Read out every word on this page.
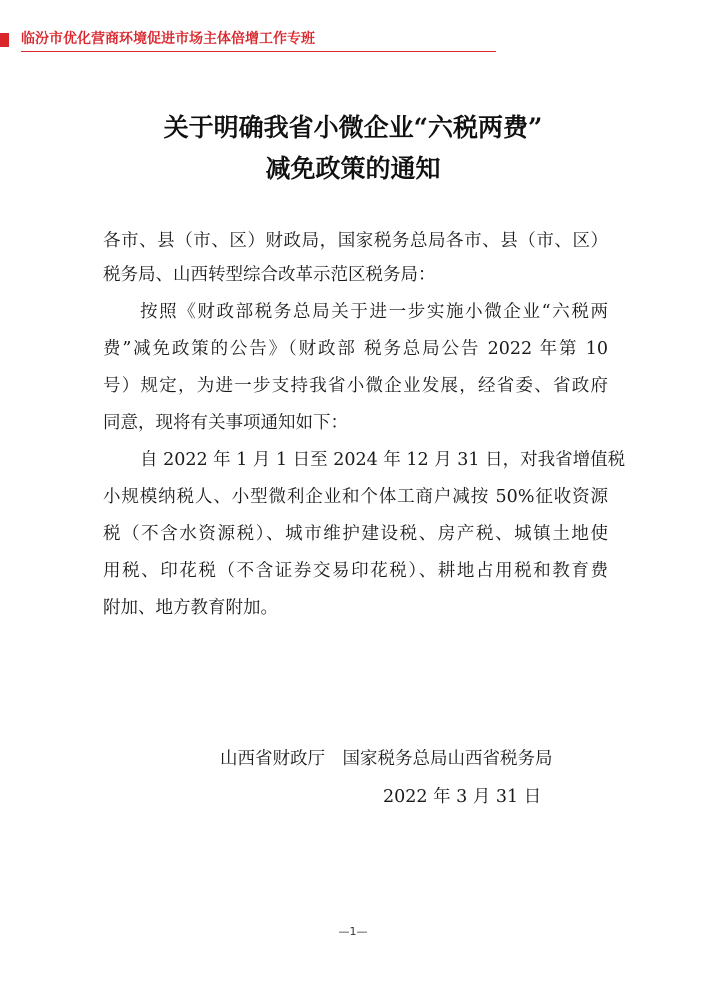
临汾市优化营商环境促进市场主体倍增工作专班
关于明确我省小微企业“六税两费”
减免政策的通知
各市、县（市、区）财政局，国家税务总局各市、县（市、区）
税务局、山西转型综合改革示范区税务局：
按照《财政部税务总局关于进一步实施小微企业“六税两
费”减免政策的公告》（财政部 税务总局公告 2022 年第 10
号）规定，为进一步支持我省小微企业发展，经省委、省政府
同意，现将有关事项通知如下：
自 2022 年 1 月 1 日至 2024 年 12 月 31 日，对我省增值税
小规模纳税人、小型微利企业和个体工商户减按 50%征收资源
税（不含水资源税）、城市维护建设税、房产税、城镇土地使
用税、印花税（不含证券交易印花税）、耕地占用税和教育费
附加、地方教育附加。
山西省财政厅　国家税务总局山西省税务局
2022 年 3 月 31 日
—1—
